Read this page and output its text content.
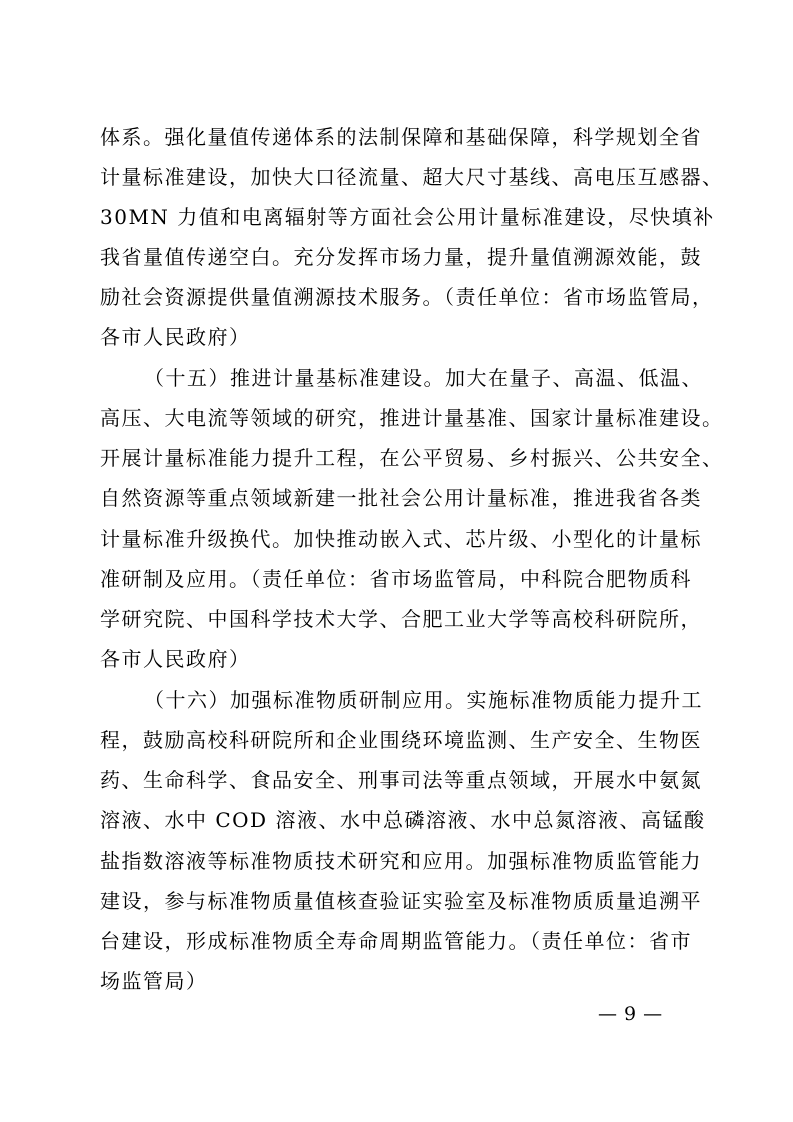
体系。强化量值传递体系的法制保障和基础保障，科学规划全省
计量标准建设，加快大口径流量、超大尺寸基线、高电压互感器、
30MN 力值和电离辐射等方面社会公用计量标准建设，尽快填补
我省量值传递空白。充分发挥市场力量，提升量值溯源效能，鼓
励社会资源提供量值溯源技术服务。（责任单位：省市场监管局，
各市人民政府）
（十五）推进计量基标准建设。加大在量子、高温、低温、
高压、大电流等领域的研究，推进计量基准、国家计量标准建设。
开展计量标准能力提升工程，在公平贸易、乡村振兴、公共安全、
自然资源等重点领域新建一批社会公用计量标准，推进我省各类
计量标准升级换代。加快推动嵌入式、芯片级、小型化的计量标
准研制及应用。（责任单位：省市场监管局，中科院合肥物质科
学研究院、中国科学技术大学、合肥工业大学等高校科研院所，
各市人民政府）
（十六）加强标准物质研制应用。实施标准物质能力提升工
程，鼓励高校科研院所和企业围绕环境监测、生产安全、生物医
药、生命科学、食品安全、刑事司法等重点领域，开展水中氨氮
溶液、水中 COD 溶液、水中总磷溶液、水中总氮溶液、高锰酸
盐指数溶液等标准物质技术研究和应用。加强标准物质监管能力
建设，参与标准物质量值核查验证实验室及标准物质质量追溯平
台建设，形成标准物质全寿命周期监管能力。（责任单位：省市
场监管局）
— 9 —
